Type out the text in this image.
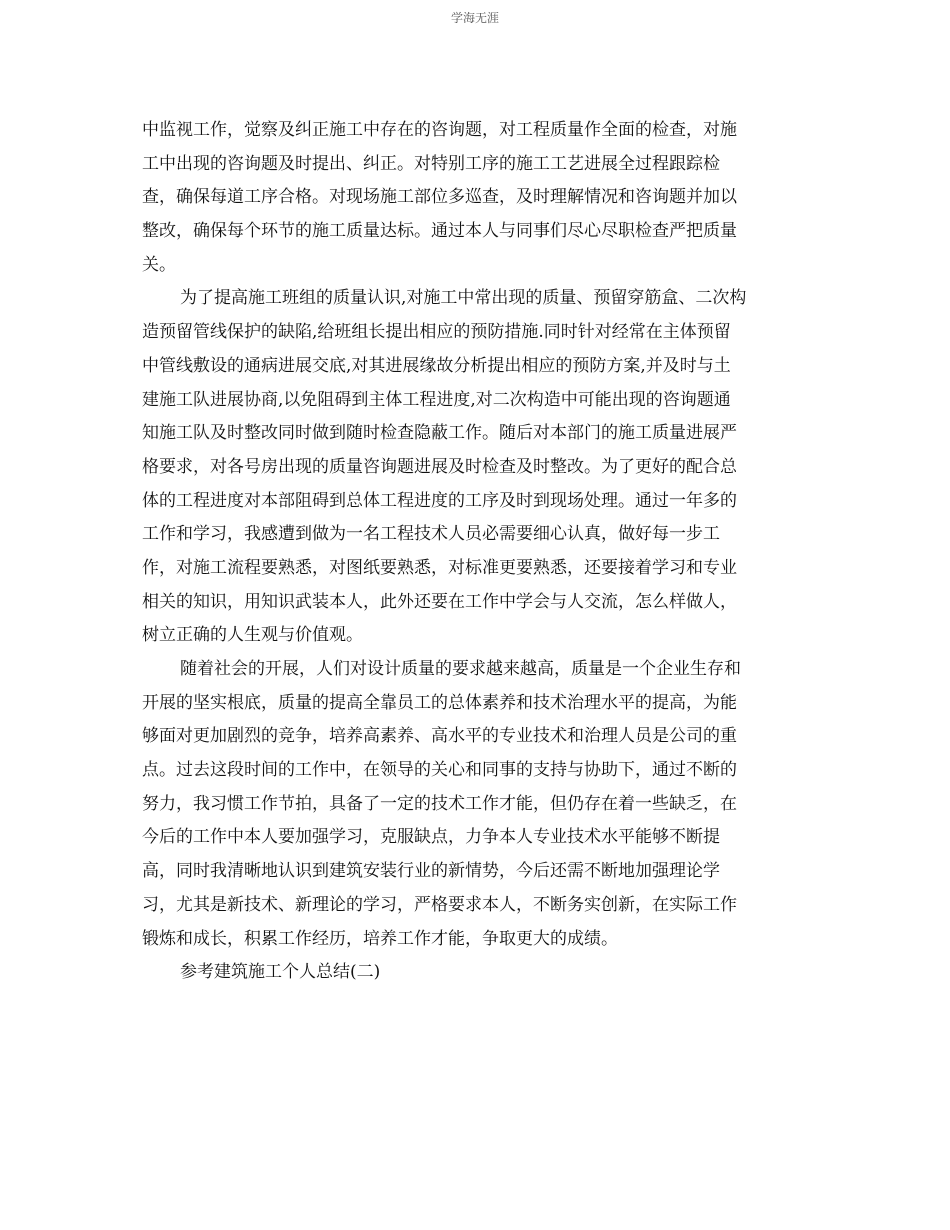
学海无涯
中监视工作，觉察及纠正施工中存在的咨询题，对工程质量作全面的检查，对施
工中出现的咨询题及时提出、纠正。对特别工序的施工工艺进展全过程跟踪检
查，确保每道工序合格。对现场施工部位多巡查，及时理解情况和咨询题并加以
整改，确保每个环节的施工质量达标。通过本人与同事们尽心尽职检查严把质量
关。
为了提高施工班组的质量认识,对施工中常出现的质量、预留穿筋盒、二次构
造预留管线保护的缺陷,给班组长提出相应的预防措施.同时针对经常在主体预留
中管线敷设的通病进展交底,对其进展缘故分析提出相应的预防方案,并及时与土
建施工队进展协商,以免阻碍到主体工程进度,对二次构造中可能出现的咨询题通
知施工队及时整改同时做到随时检查隐蔽工作。随后对本部门的施工质量进展严
格要求，对各号房出现的质量咨询题进展及时检查及时整改。为了更好的配合总
体的工程进度对本部阻碍到总体工程进度的工序及时到现场处理。通过一年多的
工作和学习，我感遭到做为一名工程技术人员必需要细心认真，做好每一步工
作，对施工流程要熟悉，对图纸要熟悉，对标准更要熟悉，还要接着学习和专业
相关的知识，用知识武装本人，此外还要在工作中学会与人交流，怎么样做人，
树立正确的人生观与价值观。
随着社会的开展，人们对设计质量的要求越来越高，质量是一个企业生存和
开展的坚实根底，质量的提高全靠员工的总体素养和技术治理水平的提高，为能
够面对更加剧烈的竞争，培养高素养、高水平的专业技术和治理人员是公司的重
点。过去这段时间的工作中，在领导的关心和同事的支持与协助下，通过不断的
努力，我习惯工作节拍，具备了一定的技术工作才能，但仍存在着一些缺乏，在
今后的工作中本人要加强学习，克服缺点，力争本人专业技术水平能够不断提
高，同时我清晰地认识到建筑安装行业的新情势，今后还需不断地加强理论学
习，尤其是新技术、新理论的学习，严格要求本人，不断务实创新，在实际工作
锻炼和成长，积累工作经历，培养工作才能，争取更大的成绩。
参考建筑施工个人总结(二)
